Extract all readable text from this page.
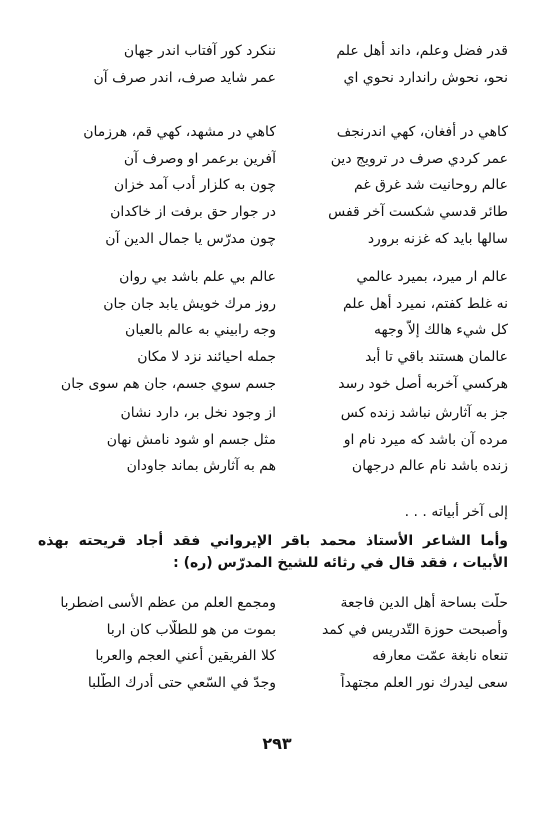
قدر فضل وعلم، داند أهل علم
ننكرد كور آفتاب اندر جهان
نحو، نحوش راندارد نحوي اي
عمر شايد صرف، اندر صرف آن
كاهي در أفغان، كهي اندرنجف
كاهي در مشهد، كهي قم، هرزمان
عمر كردي صرف در ترويج دين
آفرين برعمر او وصرف آن
عالم روحانيت شد غرق غم
چون به كلزار أدب آمد خزان
طائر قدسي شكست آخر قفس
در جوار حق برفت از خاكدان
سالها بايد كه غزنه برورد
چون مدرّس يا جمال الدين آن
عالم ار ميرد، بميرد عالمي
عالم بي علم باشد بي روان
نه غلط كفتم، نميرد أهل علم
روز مرك خويش يابد جان جان
كل شيء هالك إلاّ وجهه
وجه رابيني به عالم بالعيان
عالمان هستند باقي تا أبد
جمله احيائند نزد لا مكان
هركسي آخربه أصل خود رسد
جسم سوي جسم، جان هم سوى جان
جز به آثارش نباشد زنده كس
از وجود نخل بر، دارد نشان
مرده آن باشد كه ميرد نام او
مثل جسم او شود نامش نهان
زنده باشد نام عالم درجهان
هم به آثارش بماند جاودان
إلى آخر أبياته . . .
وأما الشاعر الأستاذ محمد باقر الإيرواني فقد أجاد قريحته بهذه الأبيات ، فقد قال في رثائه للشيخ المدرّس (ره) :
حلّت بساحة أهل الدين فاجعة
ومجمع العلم من عظم الأسى اضطربا
وأصبحت حوزة التّدريس في كمد
بموت من هو للطلّاب كان اربا
تنعاه نابغة عمّت معارفه
كلا الفريقين أعني العجم والعربا
سعى ليدرك نور العلم مجتهداً
وجدّ في السّعي حتى أدرك الطّلبا
٢٩٣
